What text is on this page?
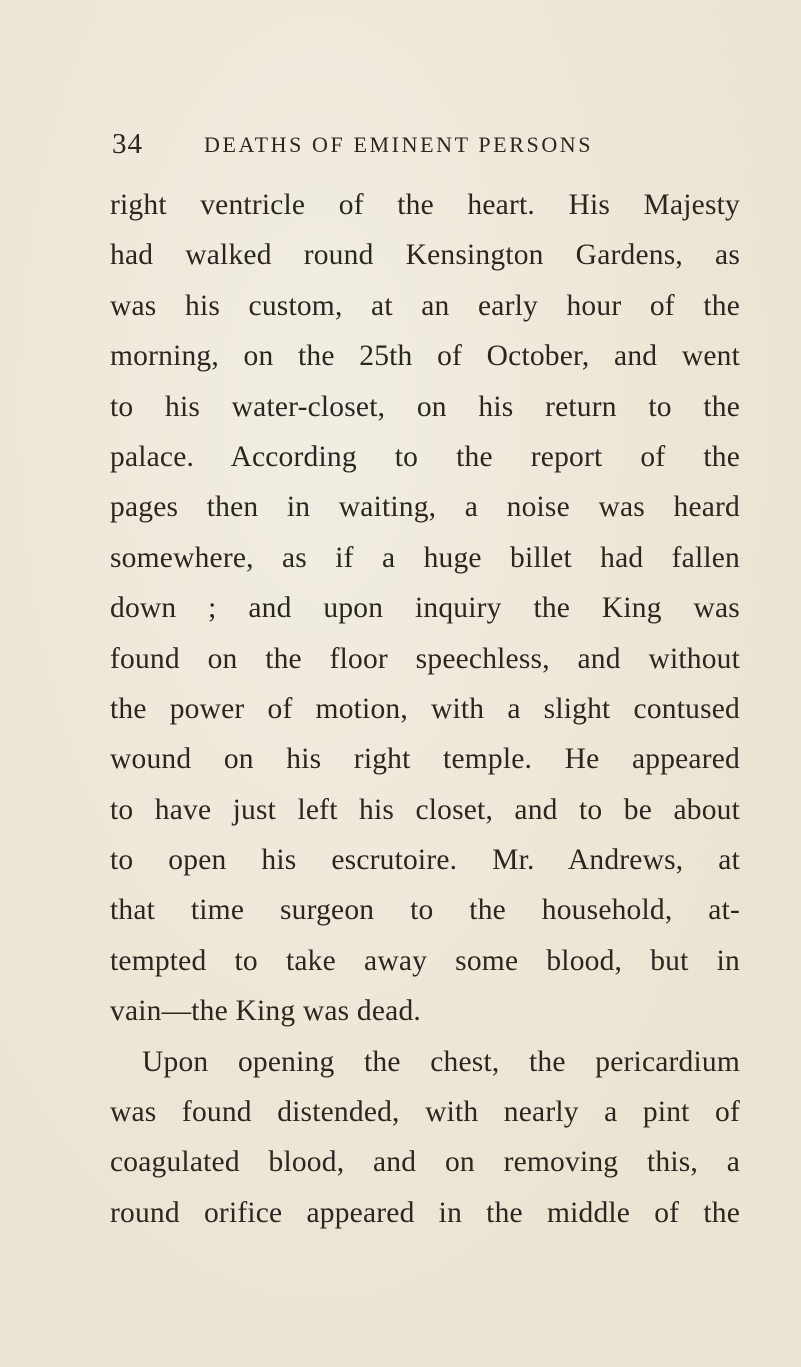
34	DEATHS OF EMINENT PERSONS
right ventricle of the heart. His Majesty
had walked round Kensington Gardens, as
was his custom, at an early hour of the
morning, on the 25th of October, and went
to his water-closet, on his return to the
palace. According to the report of the
pages then in waiting, a noise was heard
somewhere, as if a huge billet had fallen
down ; and upon inquiry the King was
found on the floor speechless, and without
the power of motion, with a slight contused
wound on his right temple. He appeared
to have just left his closet, and to be about
to open his escrutoire. Mr. Andrews, at
that time surgeon to the household, at-
tempted to take away some blood, but in
vain—the King was dead.
Upon opening the chest, the pericardium
was found distended, with nearly a pint of
coagulated blood, and on removing this, a
round orifice appeared in the middle of the
